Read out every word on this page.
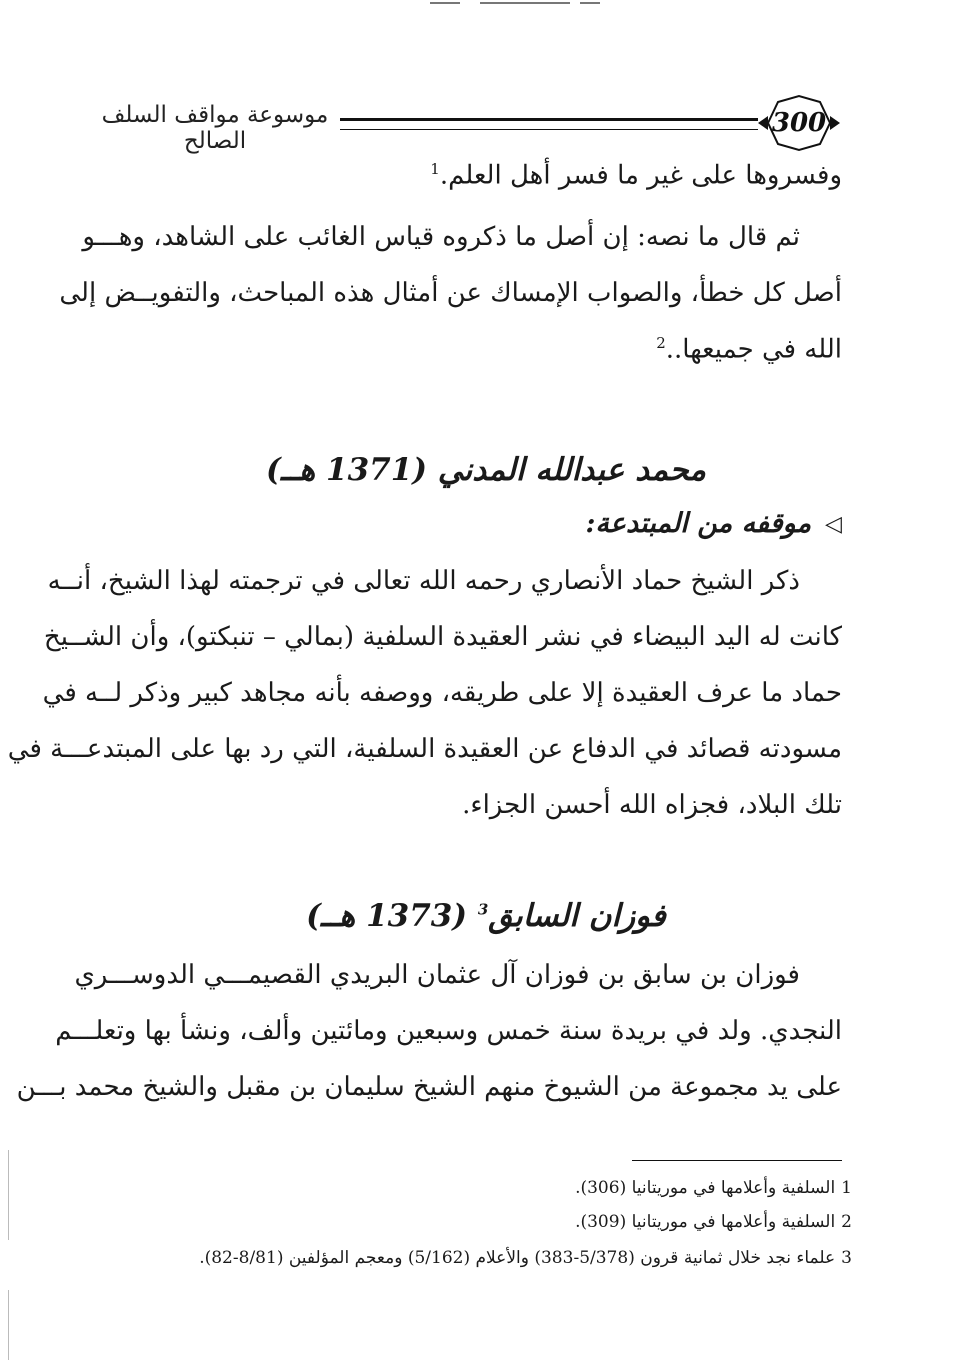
300
موسوعة مواقف السلف الصالح
وفسروها على غير ما فسر أهل العلم.$^1$
ثم قال ما نصه: إن أصل ما ذكروه قياس الغائب على الشاهد، وهـــو
أصل كل خطأ، والصواب الإمساك عن أمثال هذه المباحث، والتفويــض إلى
الله في جميعها..$^2$
محمد عبدالله المدني (1371 هــ)
◁
موقفه من المبتدعة:
ذكر الشيخ حماد الأنصاري رحمه الله تعالى في ترجمته لهذا الشيخ، أنــه
كانت له اليد البيضاء في نشر العقيدة السلفية (بمالي – تنبكتو)، وأن الشــيخ
حماد ما عرف العقيدة إلا على طريقه، ووصفه بأنه مجاهد كبير وذكر لــه في
مسودته قصائد في الدفاع عن العقيدة السلفية، التي رد بها على المبتدعـــة في
تلك البلاد، فجزاه الله أحسن الجزاء.
فوزان السابق$^3$ (1373 هــ)
فوزان بن سابق بن فوزان آل عثمان البريدي القصيمـــي الدوســـري
النجدي. ولد في بريدة سنة خمس وسبعين ومائتين وألف، ونشأ بها وتعلـــم
على يد مجموعة من الشيوخ منهم الشيخ سليمان بن مقبل والشيخ محمد بـــن
1السلفية وأعلامها في موريتانيا (306).
2السلفية وأعلامها في موريتانيا (309).
3علماء نجد خلال ثمانية قرون (5/378-383) والأعلام (5/162) ومعجم المؤلفين (8/81-82).
